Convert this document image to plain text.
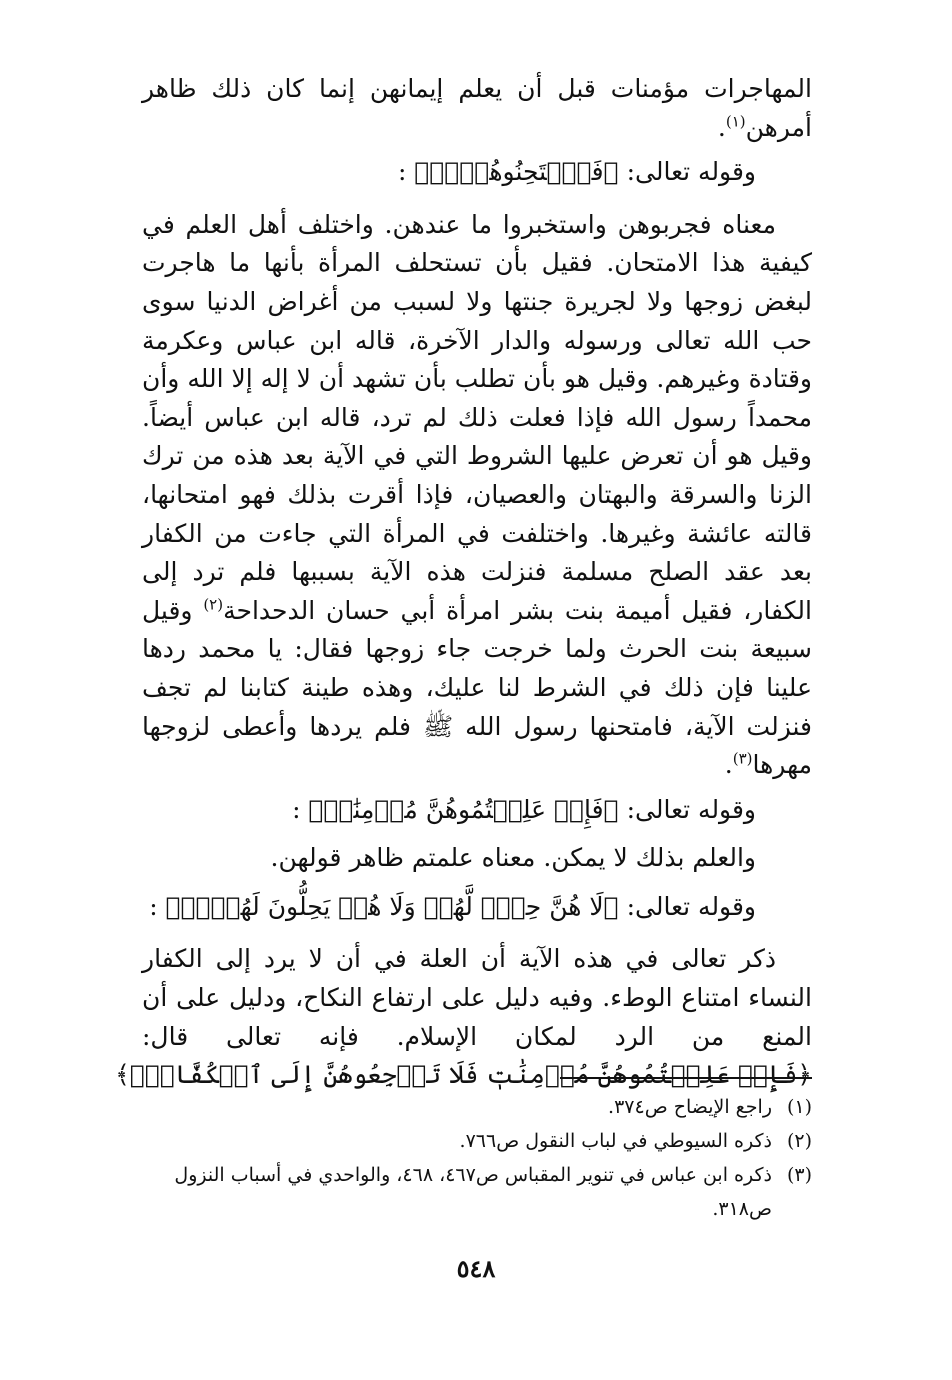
المهاجرات مؤمنات قبل أن يعلم إيمانهن إنما كان ذلك ظاهر أمرهن$^{(١)}$.

وقوله تعالى: ﴿فَٱمۡتَحِنُوهُنَّۖ﴾ :

معناه فجربوهن واستخبروا ما عندهن. واختلف أهل العلم في كيفية هذا الامتحان. فقيل بأن تستحلف المرأة بأنها ما هاجرت لبغض زوجها ولا لجريرة جنتها ولا لسبب من أغراض الدنيا سوى حب الله تعالى ورسوله والدار الآخرة، قاله ابن عباس وعكرمة وقتادة وغيرهم. وقيل هو بأن تطلب بأن تشهد أن لا إله إلا الله وأن محمداً رسول الله فإذا فعلت ذلك لم ترد، قاله ابن عباس أيضاً. وقيل هو أن تعرض عليها الشروط التي في الآية بعد هذه من ترك الزنا والسرقة والبهتان والعصيان، فإذا أقرت بذلك فهو امتحانها، قالته عائشة وغيرها. واختلفت في المرأة التي جاءت من الكفار بعد عقد الصلح مسلمة فنزلت هذه الآية بسببها فلم ترد إلى الكفار، فقيل أميمة بنت بشر امرأة أبي حسان الدحداحة$^{(٢)}$ وقيل سبيعة بنت الحرث ولما خرجت جاء زوجها فقال: يا محمد ردها علينا فإن ذلك في الشرط لنا عليك، وهذه طينة كتابنا لم تجف فنزلت الآية، فامتحنها رسول الله ﷺ فلم يردها وأعطى لزوجها مهرها$^{(٣)}$.

وقوله تعالى: ﴿فَإِنۡ عَلِمۡتُمُوهُنَّ مُؤۡمِنَٰتٖ﴾ :

والعلم بذلك لا يمكن. معناه علمتم ظاهر قولهن.

وقوله تعالى: ﴿لَا هُنَّ حِلّٞ لَّهُمۡ وَلَا هُمۡ يَحِلُّونَ لَهُنَّۖ﴾ :

ذكر تعالى في هذه الآية أن العلة في أن لا يرد إلى الكفار النساء امتناع الوطء. وفيه دليل على ارتفاع النكاح، ودليل على أن المنع من الرد لمكان الإسلام. فإنه تعالى قال: ﴿فَإِنۡ عَلِمۡتُمُوهُنَّ مُؤۡمِنَٰتٖ فَلَا تَرۡجِعُوهُنَّ إِلَى ٱلۡكُفَّارِۖ﴾

(١)
راجع الإيضاح ص٣٧٤.
(٢)
ذكره السيوطي في لباب النقول ص٧٦٦.
(٣)
ذكره ابن عباس في تنوير المقباس ص٤٦٧، ٤٦٨، والواحدي في أسباب النزول ص٣١٨.
٥٤٨
